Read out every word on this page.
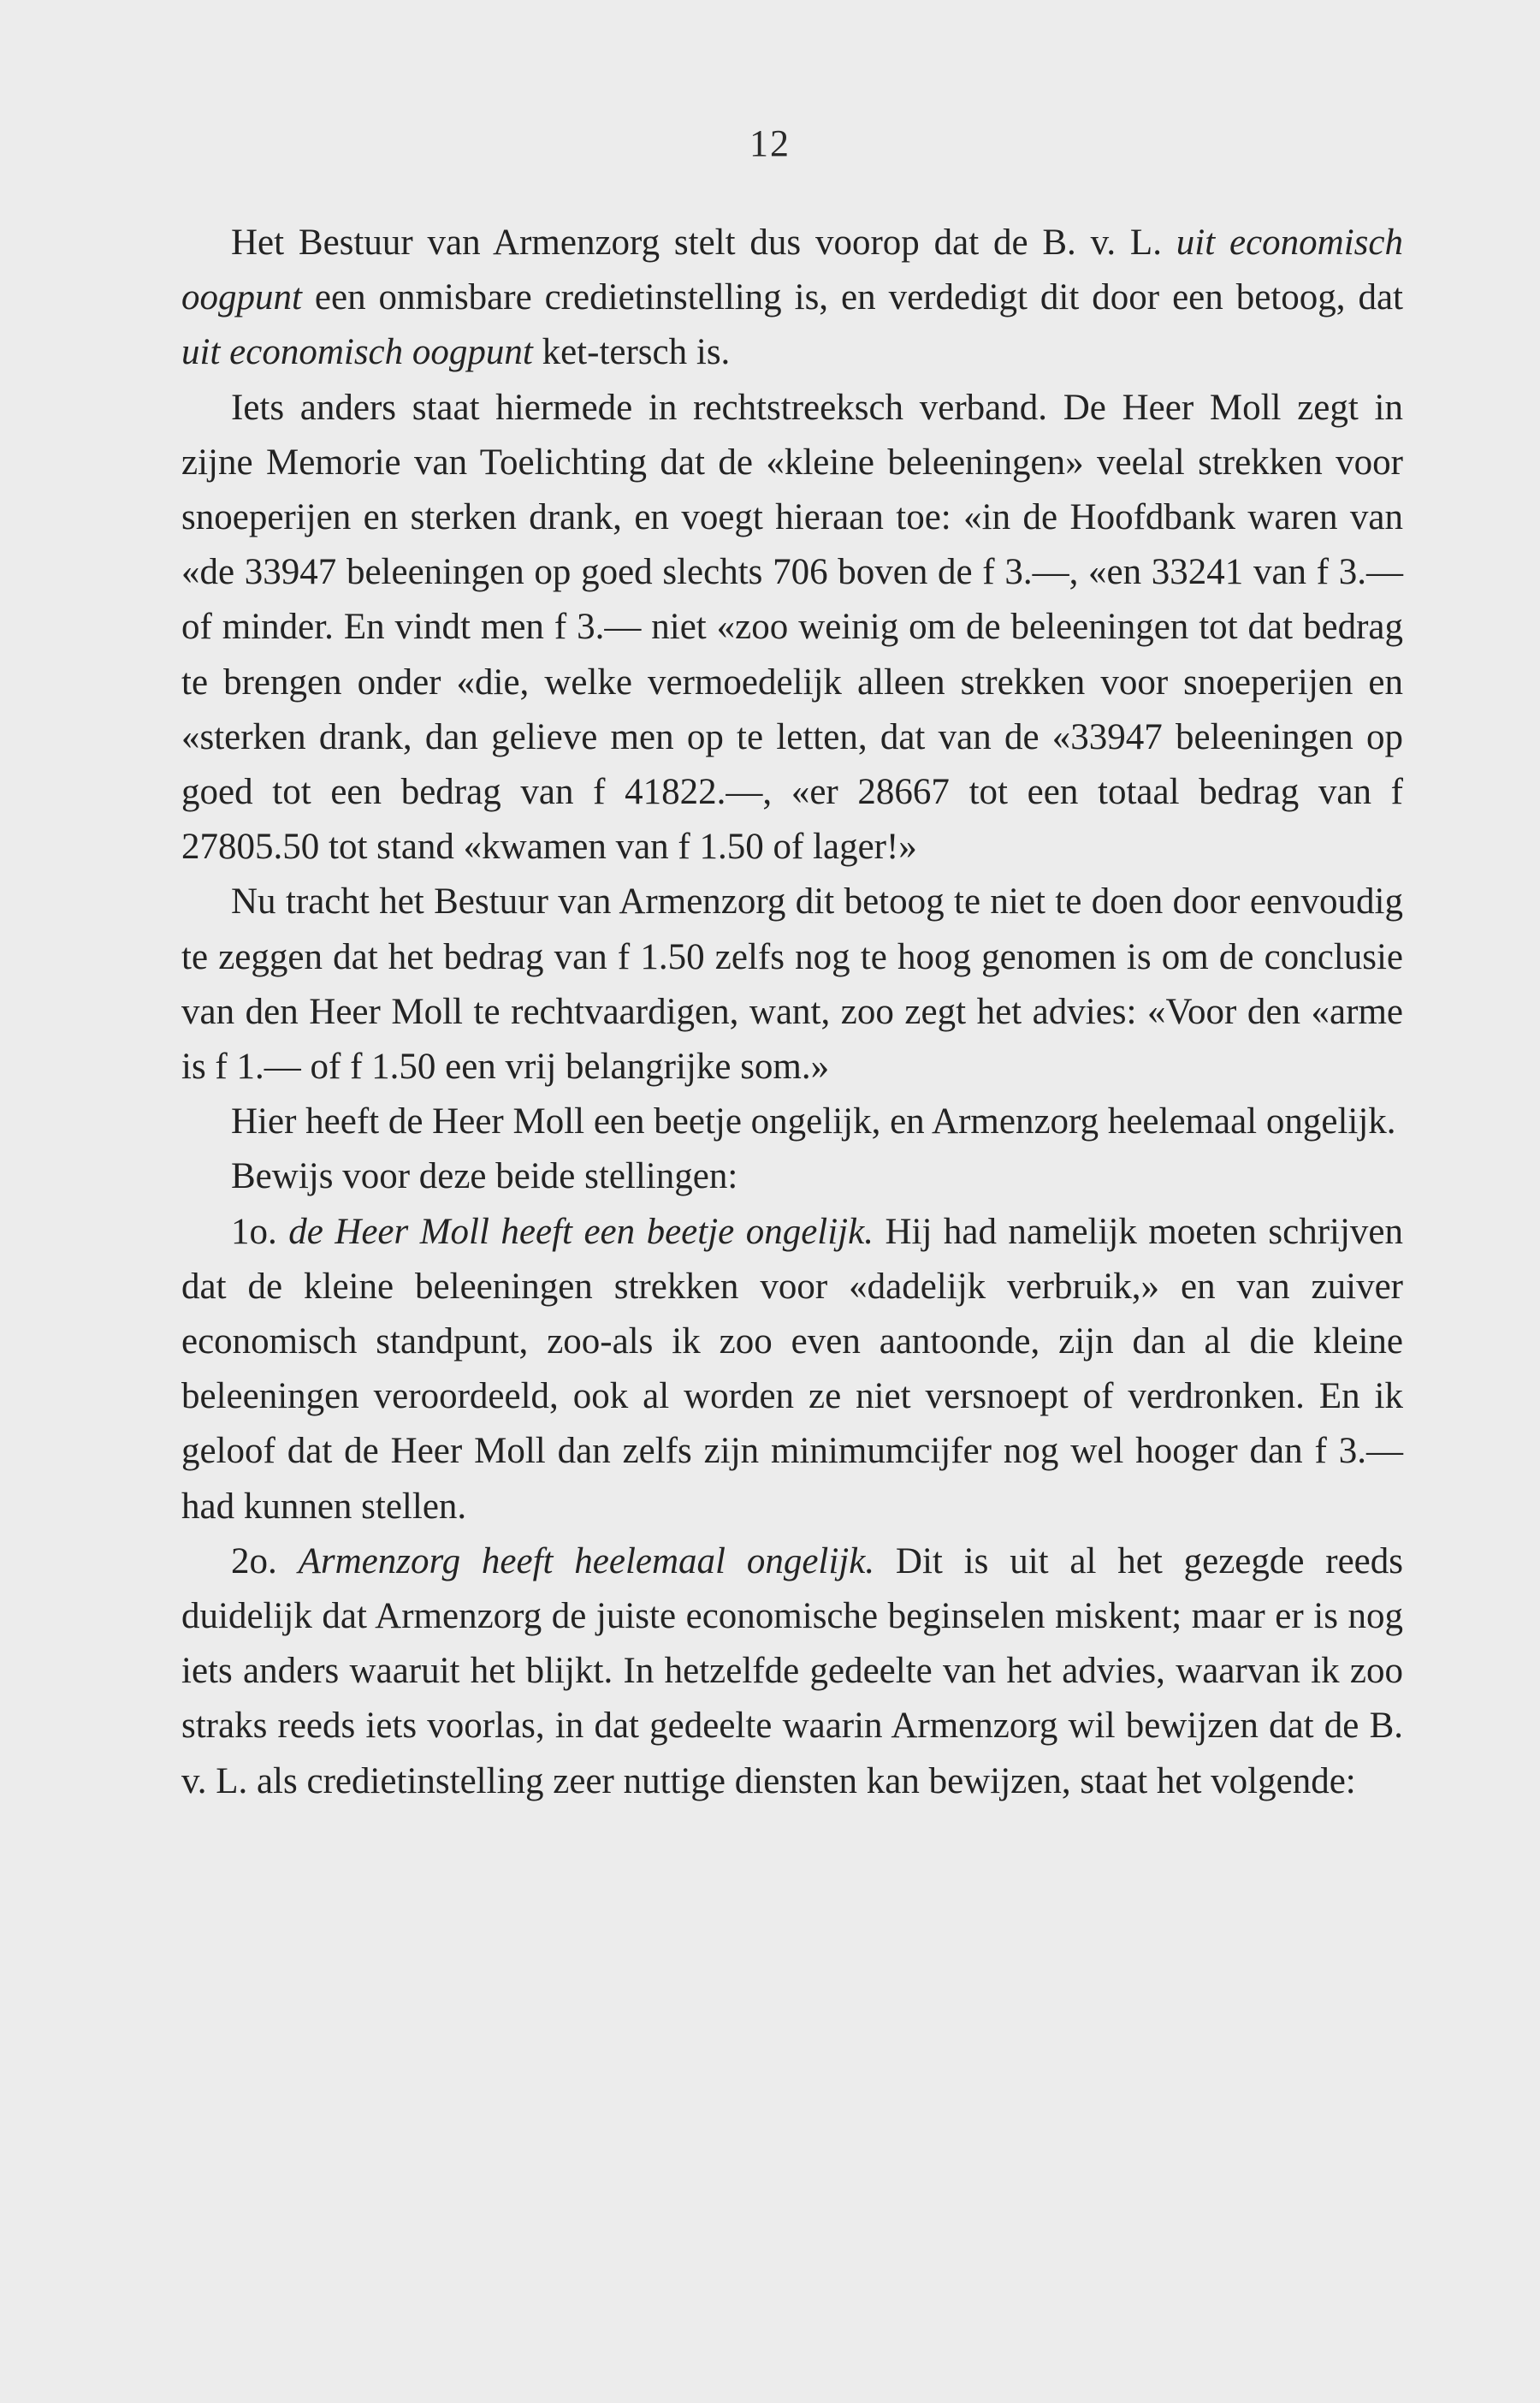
12

Het Bestuur van Armenzorg stelt dus voorop dat de B. v. L. uit economisch oogpunt een onmisbare credietinstelling is, en verdedigt dit door een betoog, dat uit economisch oogpunt ket-tersch is.

Iets anders staat hiermede in rechtstreeksch verband. De Heer Moll zegt in zijne Memorie van Toelichting dat de «kleine beleeningen» veelal strekken voor snoeperijen en sterken drank, en voegt hieraan toe: «in de Hoofdbank waren van «de 33947 beleeningen op goed slechts 706 boven de f 3.—, «en 33241 van f 3.— of minder. En vindt men f 3.— niet «zoo weinig om de beleeningen tot dat bedrag te brengen onder «die, welke vermoedelijk alleen strekken voor snoeperijen en «sterken drank, dan gelieve men op te letten, dat van de «33947 beleeningen op goed tot een bedrag van f 41822.—, «er 28667 tot een totaal bedrag van f 27805.50 tot stand «kwamen van f 1.50 of lager!»

Nu tracht het Bestuur van Armenzorg dit betoog te niet te doen door eenvoudig te zeggen dat het bedrag van f 1.50 zelfs nog te hoog genomen is om de conclusie van den Heer Moll te rechtvaardigen, want, zoo zegt het advies: «Voor den «arme is f 1.— of f 1.50 een vrij belangrijke som.»

Hier heeft de Heer Moll een beetje ongelijk, en Armenzorg heelemaal ongelijk.

Bewijs voor deze beide stellingen:

1o. de Heer Moll heeft een beetje ongelijk. Hij had namelijk moeten schrijven dat de kleine beleeningen strekken voor «dadelijk verbruik,» en van zuiver economisch standpunt, zoo-als ik zoo even aantoonde, zijn dan al die kleine beleeningen veroordeeld, ook al worden ze niet versnoept of verdronken. En ik geloof dat de Heer Moll dan zelfs zijn minimumcijfer nog wel hooger dan f 3.— had kunnen stellen.

2o. Armenzorg heeft heelemaal ongelijk. Dit is uit al het gezegde reeds duidelijk dat Armenzorg de juiste economische beginselen miskent; maar er is nog iets anders waaruit het blijkt. In hetzelfde gedeelte van het advies, waarvan ik zoo straks reeds iets voorlas, in dat gedeelte waarin Armenzorg wil bewijzen dat de B. v. L. als credietinstelling zeer nuttige diensten kan bewijzen, staat het volgende:
